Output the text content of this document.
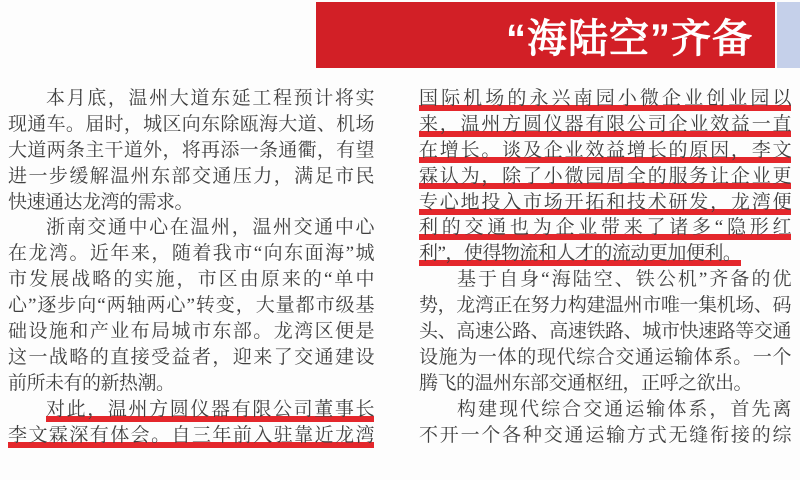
“海陆空”齐备
本月底，温州大道东延工程预计将实
现通车。届时，城区向东除瓯海大道、机场
大道两条主干道外，将再添一条通衢，有望
进一步缓解温州东部交通压力，满足市民
快速通达龙湾的需求。
浙南交通中心在温州，温州交通中心
在龙湾。近年来，随着我市“向东面海”城
市发展战略的实施，市区由原来的“单中
心”逐步向“两轴两心”转变，大量都市级基
础设施和产业布局城市东部。龙湾区便是
这一战略的直接受益者，迎来了交通建设
前所未有的新热潮。
对此，温州方圆仪器有限公司董事长
李文霖深有体会。自三年前入驻靠近龙湾
国际机场的永兴南园小微企业创业园以
来，温州方圆仪器有限公司企业效益一直
在增长。谈及企业效益增长的原因，李文
霖认为，除了小微园周全的服务让企业更
专心地投入市场开拓和技术研发，龙湾便
利的交通也为企业带来了诸多“隐形红
利”，使得物流和人才的流动更加便利。
基于自身“海陆空、铁公机”齐备的优
势，龙湾正在努力构建温州市唯一集机场、码
头、高速公路、高速铁路、城市快速路等交通
设施为一体的现代综合交通运输体系。一个
腾飞的温州东部交通枢纽，正呼之欲出。
构建现代综合交通运输体系，首先离
不开一个各种交通运输方式无缝衔接的综
